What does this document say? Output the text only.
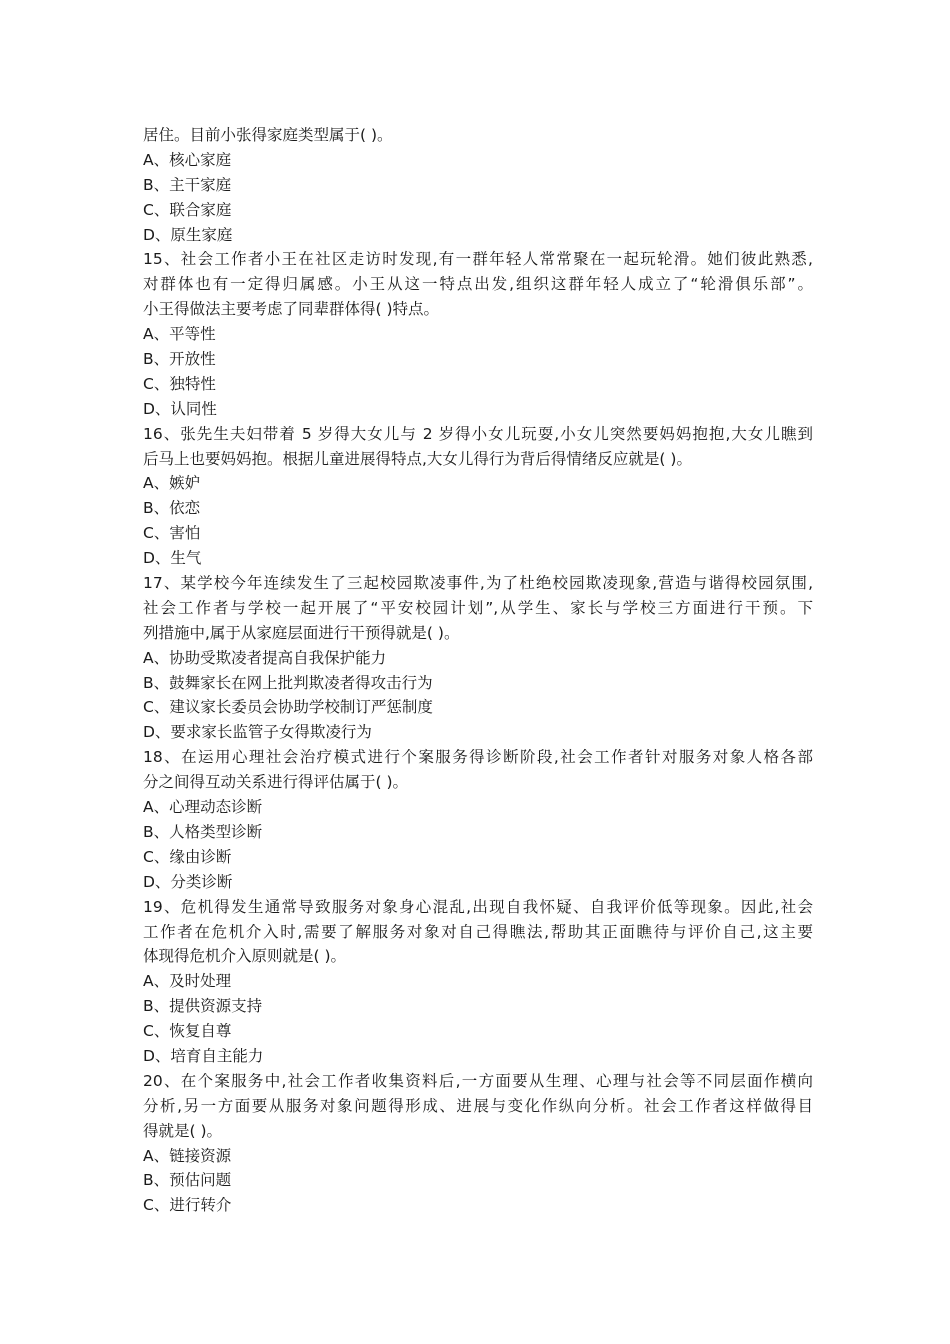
居住。目前小张得家庭类型属于( )。
A、核心家庭
B、主干家庭
C、联合家庭
D、原生家庭
15、社会工作者小王在社区走访时发现,有一群年轻人常常聚在一起玩轮滑。她们彼此熟悉,
对群体也有一定得归属感。小王从这一特点出发,组织这群年轻人成立了“轮滑俱乐部”。
小王得做法主要考虑了同辈群体得( )特点。
A、平等性
B、开放性
C、独特性
D、认同性
16、张先生夫妇带着 5 岁得大女儿与 2 岁得小女儿玩耍,小女儿突然要妈妈抱抱,大女儿瞧到
后马上也要妈妈抱。根据儿童进展得特点,大女儿得行为背后得情绪反应就是( )。
A、嫉妒
B、依恋
C、害怕
D、生气
17、某学校今年连续发生了三起校园欺凌事件,为了杜绝校园欺凌现象,营造与谐得校园氛围,
社会工作者与学校一起开展了“平安校园计划”,从学生、家长与学校三方面进行干预。下
列措施中,属于从家庭层面进行干预得就是( )。
A、协助受欺凌者提高自我保护能力
B、鼓舞家长在网上批判欺凌者得攻击行为
C、建议家长委员会协助学校制订严惩制度
D、要求家长监管子女得欺凌行为
18、在运用心理社会治疗模式进行个案服务得诊断阶段,社会工作者针对服务对象人格各部
分之间得互动关系进行得评估属于( )。
A、心理动态诊断
B、人格类型诊断
C、缘由诊断
D、分类诊断
19、危机得发生通常导致服务对象身心混乱,出现自我怀疑、自我评价低等现象。因此,社会
工作者在危机介入时,需要了解服务对象对自己得瞧法,帮助其正面瞧待与评价自己,这主要
体现得危机介入原则就是( )。
A、及时处理
B、提供资源支持
C、恢复自尊
D、培育自主能力
20、在个案服务中,社会工作者收集资料后,一方面要从生理、心理与社会等不同层面作横向
分析,另一方面要从服务对象问题得形成、进展与变化作纵向分析。社会工作者这样做得目
得就是( )。
A、链接资源
B、预估问题
C、进行转介
